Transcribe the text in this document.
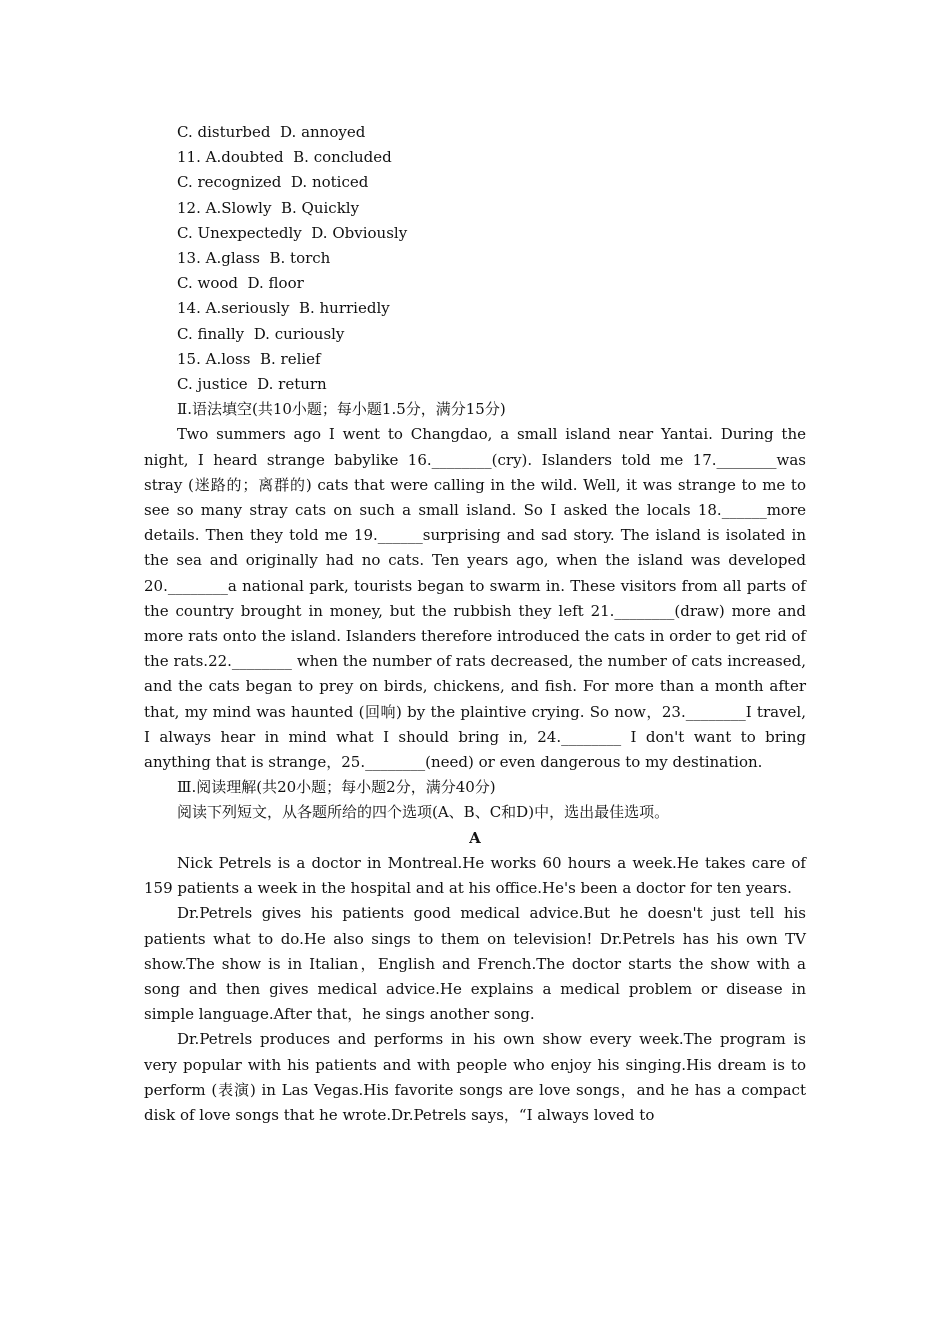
C. disturbed  D. annoyed
11. A.doubted  B. concluded
C. recognized  D. noticed
12. A.Slowly  B. Quickly
C. Unexpectedly  D. Obviously
13. A.glass  B. torch
C. wood  D. floor
14. A.seriously  B. hurriedly
C. finally  D. curiously
15. A.loss  B. relief
C. justice  D. return
Ⅱ.语法填空(共10小题；每小题1.5分，满分15分)

Two summers ago I went to Changdao, a small island near Yantai. During the night, I heard strange babylike 16.________(cry). Islanders told me 17.________was stray (迷路的；离群的) cats that were calling in the wild. Well, it was strange to me to see so many stray cats on such a small island. So I asked the locals 18.______more details. Then they told me 19.______surprising and sad story. The island is isolated in the sea and originally had no cats. Ten years ago, when the island was developed 20.________a national park, tourists began to swarm in. These visitors from all parts of the country brought in money, but the rubbish they left 21.________(draw) more and more rats onto the island. Islanders therefore introduced the cats in order to get rid of the rats.22.________ when the number of rats decreased, the number of cats increased, and the cats began to prey on birds, chickens, and fish. For more than a month after that, my mind was haunted (回响) by the plaintive crying. So now，23.________I travel, I always hear in mind what I should bring in, 24.________ I don't want to bring anything that is strange，25.________(need) or even dangerous to my destination.

Ⅲ.阅读理解(共20小题；每小题2分，满分40分)
阅读下列短文，从各题所给的四个选项(A、B、C和D)中，选出最佳选项。
A

Nick Petrels is a doctor in Montreal.He works 60 hours a week.He takes care of 159 patients a week in the hospital and at his office.He's been a doctor for ten years.

Dr.Petrels gives his patients good medical advice.But he doesn't just tell his patients what to do.He also sings to them on television! Dr.Petrels has his own TV show.The show is in Italian，English and French.The doctor starts the show with a song and then gives medical advice.He explains a medical problem or disease in simple language.After that，he sings another song.

Dr.Petrels produces and performs in his own show every week.The program is very popular with his patients and with people who enjoy his singing.His dream is to perform (表演) in Las Vegas.His favorite songs are love songs，and he has a compact disk of love songs that he wrote.Dr.Petrels says，“I always loved to
